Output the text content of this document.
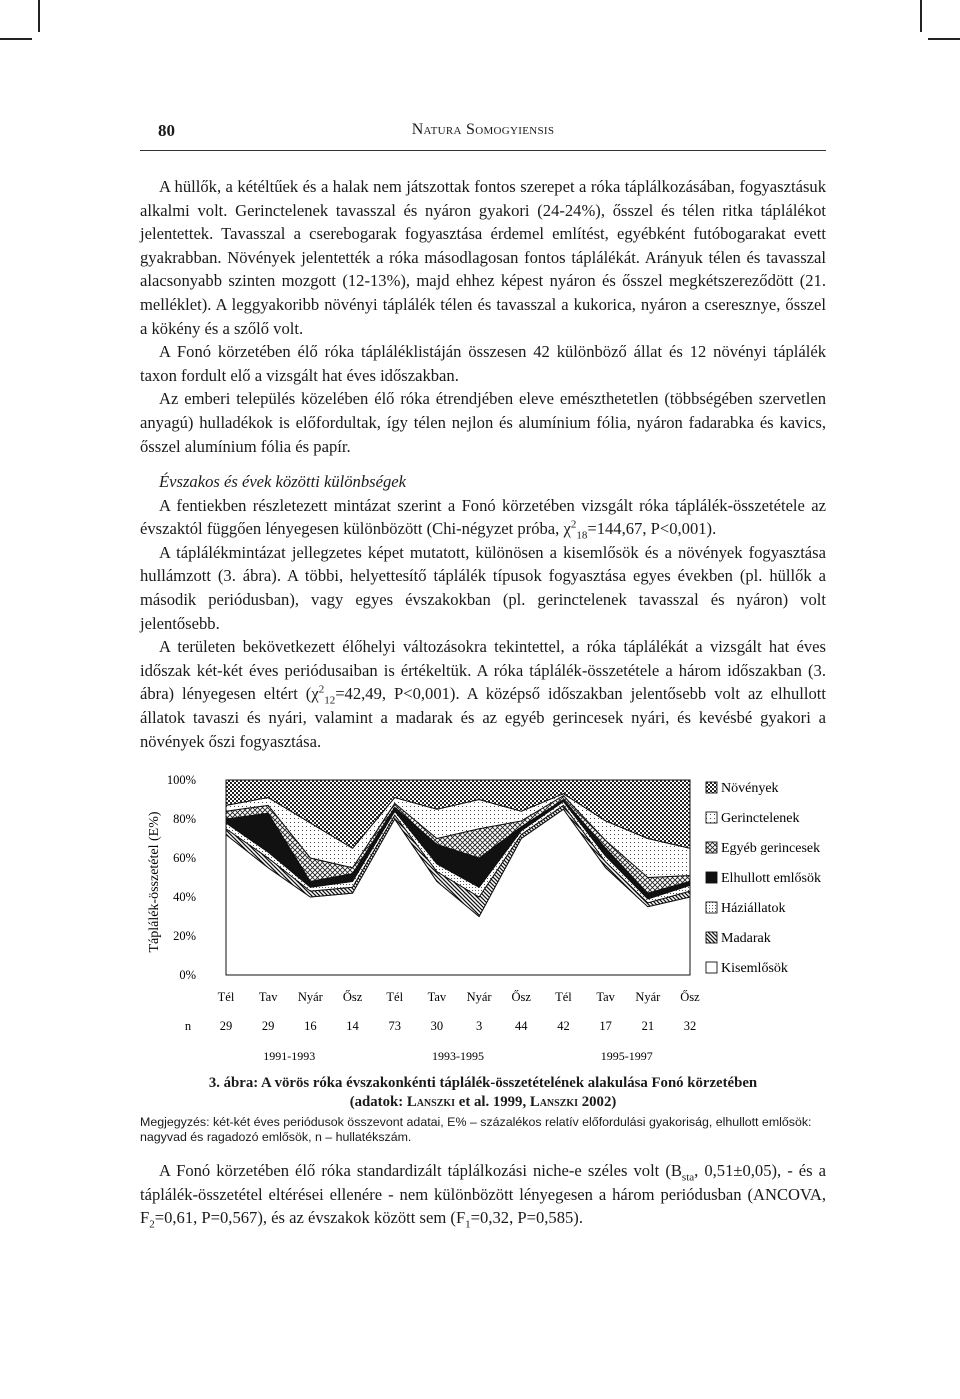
80	Natura Somogyiensis

A hüllők, a kétéltűek és a halak nem játszottak fontos szerepet a róka táplálkozásában, fogyasztásuk alkalmi volt. Gerinctelenek tavasszal és nyáron gyakori (24-24%), ősszel és télen ritka táplálékot jelentettek. Tavasszal a cserebogarak fogyasztása érdemel említést, egyébként futóbogarakat evett gyakrabban. Növények jelentették a róka másodlagosan fontos táplálékát. Arányuk télen és tavasszal alacsonyabb szinten mozgott (12-13%), majd ehhez képest nyáron és ősszel megkétszereződött (21. melléklet). A leggyakoribb növényi táplálék télen és tavasszal a kukorica, nyáron a cseresznye, ősszel a kökény és a szőlő volt.

A Fonó körzetében élő róka tápláléklistáján összesen 42 különböző állat és 12 növényi táplálék taxon fordult elő a vizsgált hat éves időszakban.

Az emberi település közelében élő róka étrendjében eleve emészthetetlen (többségében szervetlen anyagú) hulladékok is előfordultak, így télen nejlon és alumínium fólia, nyáron fadarabka és kavics, ősszel alumínium fólia és papír.

Évszakos és évek közötti különbségek

A fentiekben részletezett mintázat szerint a Fonó körzetében vizsgált róka táplálék-összetétele az évszaktól függően lényegesen különbözött (Chi-négyzet próba, $\chi^2_{18}=144,67$, P<0,001).

A táplálékmintázat jellegzetes képet mutatott, különösen a kisemlősök és a növények fogyasztása hullámzott (3. ábra). A többi, helyettesítő táplálék típusok fogyasztása egyes években (pl. hüllők a második periódusban), vagy egyes évszakokban (pl. gerinctelenek tavasszal és nyáron) volt jelentősebb.

A területen bekövetkezett élőhelyi változásokra tekintettel, a róka táplálékát a vizsgált hat éves időszak két-két éves periódusaiban is értékeltük. A róka táplálék-összetétele a három időszakban (3. ábra) lényegesen eltért ($\chi^2_{12}=42,49$, P<0,001). A középső időszakban jelentősebb volt az elhullott állatok tavaszi és nyári, valamint a madarak és az egyéb gerincesek nyári, és kevésbé gyakori a növények őszi fogyasztása.

0%
20%
40%
60%
80%
100%
Tél
29
Tav
29
Nyár
16
Ősz
14
Tél
73
Tav
30
Nyár
3
Ősz
44
Tél
42
Tav
17
Nyár
21
Ősz
32
n
1991-1993	1993-1995	1995-1997
Növények
Gerinctelenek
Egyéb gerincesek
Elhullott emlősök
Háziállatok
Madarak
Kisemlősök
Táplálék-összetétel (E%)
3. ábra: A vörös róka évszakonkénti táplálék-összetételének alakulása Fonó körzetében
(adatok: Lanszki et al. 1999, Lanszki 2002)
Megjegyzés: két-két éves periódusok összevont adatai, E% – százalékos relatív előfordulási gyakoriság, elhullott emlősök: nagyvad és ragadozó emlősök, n – hullatékszám.

A Fonó körzetében élő róka standardizált táplálkozási niche-e széles volt ($B_{sta}$, 0,51±0,05), - és a táplálék-összetétel eltérései ellenére - nem különbözött lényegesen a három periódusban (ANCOVA, $F_2=0,61$, P=0,567), és az évszakok között sem ($F_1=0,32$, P=0,585).
